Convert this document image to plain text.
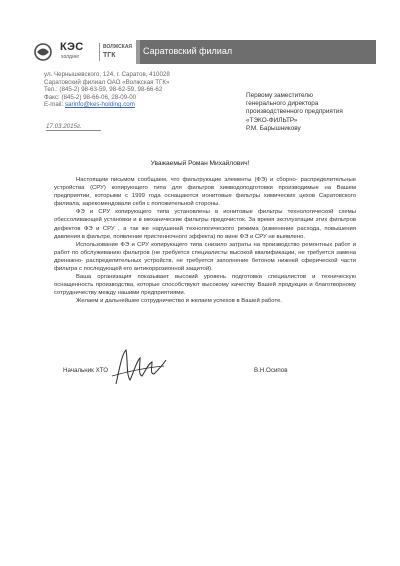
КЭС
холдинг
ВОЛЖСКАЯ
ТГК	Саратовский филиал
ул. Чернышевского, 124, г. Саратов, 410028
Саратовский филиал ОАО «Волжская ТГК»
Тел.: (845-2) 98-63-59, 98-62-59, 98-66-62
Факс: (845-2) 98-66-06, 28-09-00
E-mail: sarinfo@kes-holding.com
17.03.2015г.
Первому заместителю
генерального директора
производственного предприятия
«ТЭКО-ФИЛЬТР»
Р.М. Барышникову
Уважаемый Роман Михайлович!

Настоящим письмом сообщаем, что фильтрующие элементы (ФЭ) и сборно- распределительные устройства (СРУ) копирующего типа для фильтров химводоподготовки производимые на Вашем предприятии, которыми с 1999 года оснащаются ионитовые фильтры химических цехов Саратовского филиала, зарекомендовали себя с положительной стороны.

ФЭ и СРУ копирующего типа установлены в ионитовые фильтры технологической схемы обессоливающей установки и в механические фильтры предочисток. За время эксплуатации этих фильтров дефектов ФЭ и СРУ , а так же нарушений технологического режима (изменение расхода, повышения давления в фильтре, появление пристенночного эффекта) по вине ФЭ и СРУ не выявлено.

Использование ФЭ и СРУ копирующего типа снизило затраты на производство ремонтных работ и работ по обслуживанию фильтров (не требуется специалисты высокой квалификации, не требуется замена дренажно- распределительных устройств, не требуется заполнение бетоном нижней сферической части фильтра с последующей его антикоррозионной защитой).

Ваша организация показывает высокий уровень подготовки специалистов и техническую оснащенность производства, которые способствуют высокому качеству Вашей продукции и благотворному сотрудничеству между нашими предприятиями.

Желаем и дальнейшее сотрудничество и желаем успехов в Вашей работе.

Начальник ХТО	В.Н.Осипов
